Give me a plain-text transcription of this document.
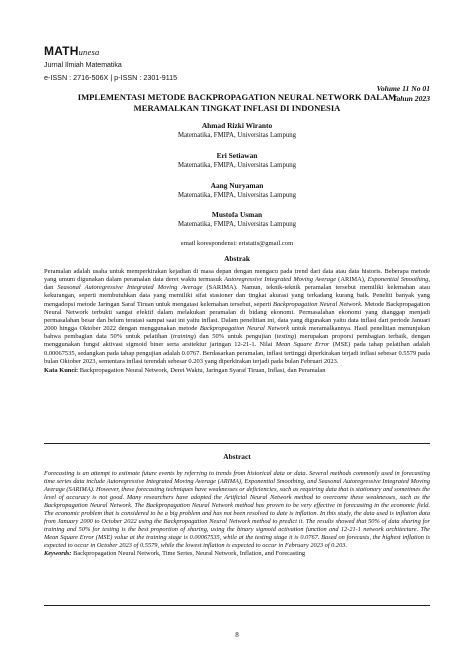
MATHunesa
Jurnal Ilmiah Matematika
e-ISSN : 2716-506X | p-ISSN : 2301-9115
Volume 11 No 01
Tahun 2023
IMPLEMENTASI METODE BACKPROPAGATION NEURAL NETWORK DALAM
MERAMALKAN TINGKAT INFLASI DI INDONESIA
Ahmad Rizki Wiranto
Matematika, FMIPA, Universitas Lampung
Eri Setiawan
Matematika, FMIPA, Universitas Lampung
Aang Nuryaman
Matematika, FMIPA, Universitas Lampung
Mustofa Usman
Matematika, FMIPA, Universitas Lampung
email korespondensi: eristatis@gmail.com
Abstrak

Peramalan adalah usaha untuk memperkirakan kejadian di masa depan dengan mengacu pada trend dari data atau data historis. Beberapa metode yang umum digunakan dalam peramalan data deret waktu termasuk Autoregressive Integrated Moving Average (ARIMA), Exponential Smoothing, dan Seasonal Autoregressive Integrated Moving Average (SARIMA). Namun, teknik-teknik peramalan tersebut memiliki kelemahan atau kekurangan, seperti membutuhkan data yang memiliki sifat stasioner dan tingkat akurasi yang terkadang kurang baik. Peneliti banyak yang mengadopsi metode Jaringan Saraf Tiruan untuk mengatasi kelemahan tersebut, seperti Backpropagation Neural Network. Metode Backpropagation Neural Network terbukti sangat efektif dalam melakukan peramalan di bidang ekonomi. Permasalahan ekonomi yang dianggap menjadi permasalahan besar dan belum teratasi sampai saat ini yaitu inflasi. Dalam penelitian ini, data yang digunakan yaitu data inflasi dari periode Januari 2000 hingga Oktober 2022 dengan menggunakan metode Backpropagation Neural Network untuk meramalkannya. Hasil penelitian menunjukan bahwa pembagian data 50% untuk pelatihan (training) dan 50% untuk pengujian (testing) merupakan proporsi pembagian terbaik, dengan menggunakan fungsi aktivasi sigmoid biner serta arsitektur jaringan 12-21-1. Nilai Mean Square Error (MSE) pada tahap pelatihan adalah 0.00067535, sedangkan pada tahap pengujian adalah 0.0767. Berdasarkan peramalan, inflasi tertinggi diperkirakan terjadi inflasi sebesar 0.5579 pada bulan Oktober 2023, sementara inflasi terendah sebesar 0.203 yang diperkirakan terjadi pada bulan Februari 2023.

Kata Kunci: Backpropagation Neural Network, Deret Waktu, Jaringan Syaraf Tiruan, Inflasi, dan Peramalan
Abstract

Forecasting is an attempt to estimate future events by referring to trends from historical data or data. Several methods commonly used in forecasting time series data include Autoregressive Integrated Moving Average (ARIMA), Exponential Smoothing, and Seasonal Autoregressive Integrated Moving Average (SARIMA). However, these forecasting techniques have weaknesses or deficiencies, such as requiring data that is stationary and sometimes the level of accuracy is not good. Many researchers have adopted the Artificial Neural Network method to overcome these weaknesses, such as the Backpropagation Neural Network. The Backpropagation Neural Network method has proven to be very effective in forecasting in the economic field. The economic problem that is considered to be a big problem and has not been resolved to date is inflation. In this study, the data used is inflation data from January 2000 to October 2022 using the Backpropagation Neural Network method to predict it. The results showed that 50% of data sharing for training and 50% for testing is the best proportion of sharing, using the binary sigmoid activation function and 12-21-1 network architecture. The Mean Square Error (MSE) value at the training stage is 0.00067535, while at the testing stage it is 0.0767. Based on forecasts, the highest inflation is expected to occur in October 2023 of 0.5579, while the lowest inflation is expected to occur in February 2023 of 0.203.

Keywords: Backpropagation Neural Network, Time Series, Neural Network, Inflation, and Forecasting
8
